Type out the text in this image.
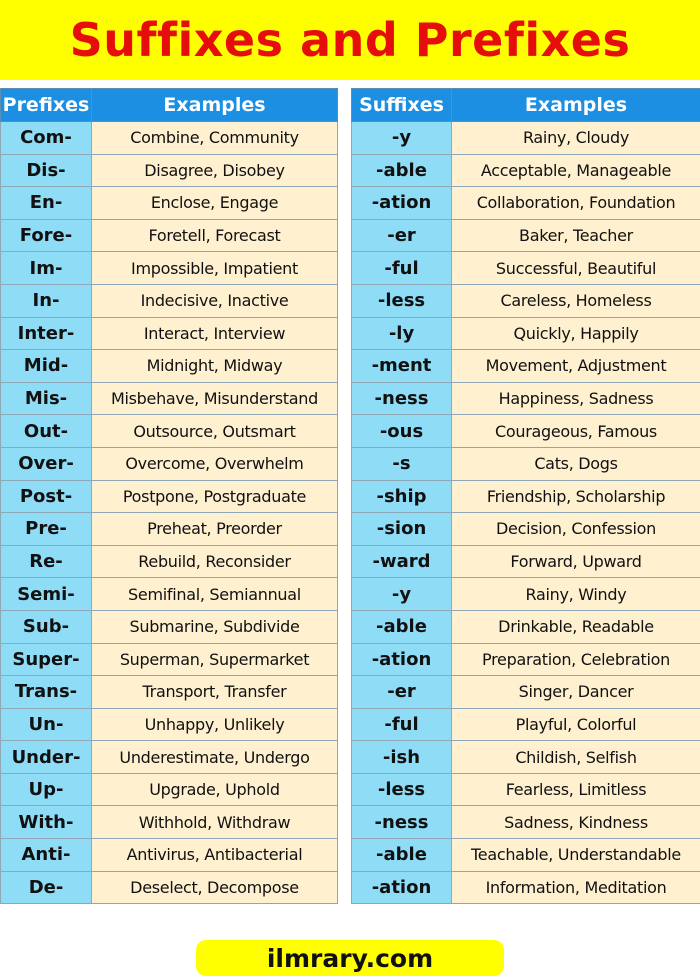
Suffixes and Prefixes
Prefixes	Examples
Com-	Combine, Community
Dis-	Disagree, Disobey
En-	Enclose, Engage
Fore-	Foretell, Forecast
Im-	Impossible, Impatient
In-	Indecisive, Inactive
Inter-	Interact, Interview
Mid-	Midnight, Midway
Mis-	Misbehave, Misunderstand
Out-	Outsource, Outsmart
Over-	Overcome, Overwhelm
Post-	Postpone, Postgraduate
Pre-	Preheat, Preorder
Re-	Rebuild, Reconsider
Semi-	Semifinal, Semiannual
Sub-	Submarine, Subdivide
Super-	Superman, Supermarket
Trans-	Transport, Transfer
Un-	Unhappy, Unlikely
Under-	Underestimate, Undergo
Up-	Upgrade, Uphold
With-	Withhold, Withdraw
Anti-	Antivirus, Antibacterial
De-	Deselect, Decompose
Suffixes	Examples
-y	Rainy, Cloudy
-able	Acceptable, Manageable
-ation	Collaboration, Foundation
-er	Baker, Teacher
-ful	Successful, Beautiful
-less	Careless, Homeless
-ly	Quickly, Happily
-ment	Movement, Adjustment
-ness	Happiness, Sadness
-ous	Courageous, Famous
-s	Cats, Dogs
-ship	Friendship, Scholarship
-sion	Decision, Confession
-ward	Forward, Upward
-y	Rainy, Windy
-able	Drinkable, Readable
-ation	Preparation, Celebration
-er	Singer, Dancer
-ful	Playful, Colorful
-ish	Childish, Selfish
-less	Fearless, Limitless
-ness	Sadness, Kindness
-able	Teachable, Understandable
-ation	Information, Meditation
ilmrary.com
